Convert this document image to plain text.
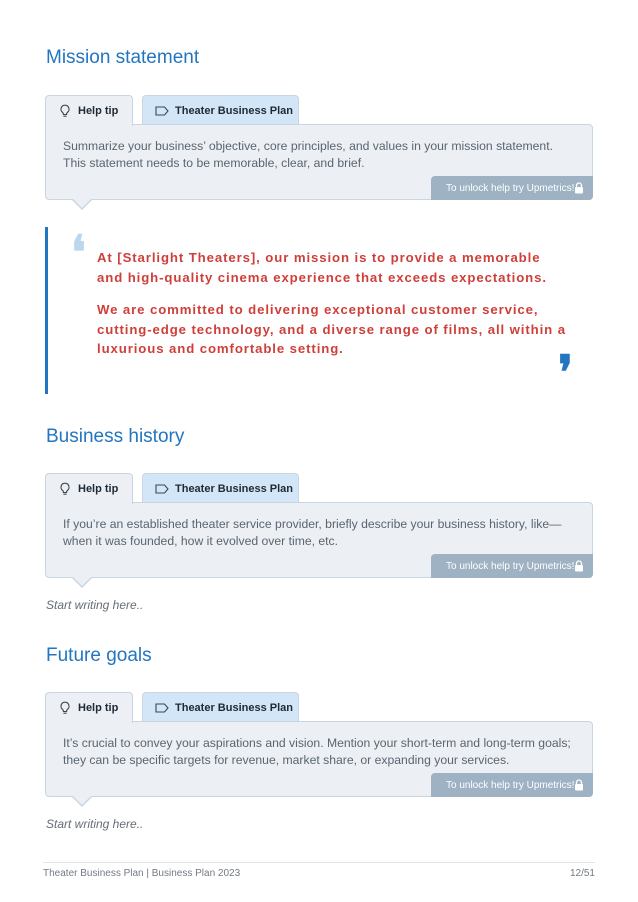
Mission statement
Help tip	Theater Business Plan

Summarize your business’ objective, core principles, and values in your mission statement. This statement needs to be memorable, clear, and brief.

To unlock help try Upmetrics!
❛ At [Starlight Theaters], our mission is to provide a memorable and high-quality cinema experience that exceeds expectations.

We are committed to delivering exceptional customer service, cutting-edge technology, and a diverse range of films, all within a luxurious and comfortable setting.	❜
Business history
Help tip	Theater Business Plan

If you’re an established theater service provider, briefly describe your business history, like—when it was founded, how it evolved over time, etc.

To unlock help try Upmetrics!

Start writing here..

Future goals
Help tip	Theater Business Plan

It’s crucial to convey your aspirations and vision. Mention your short-term and long-term goals; they can be specific targets for revenue, market share, or expanding your services.

To unlock help try Upmetrics!

Start writing here..

Theater Business Plan | Business Plan 2023	12/51
